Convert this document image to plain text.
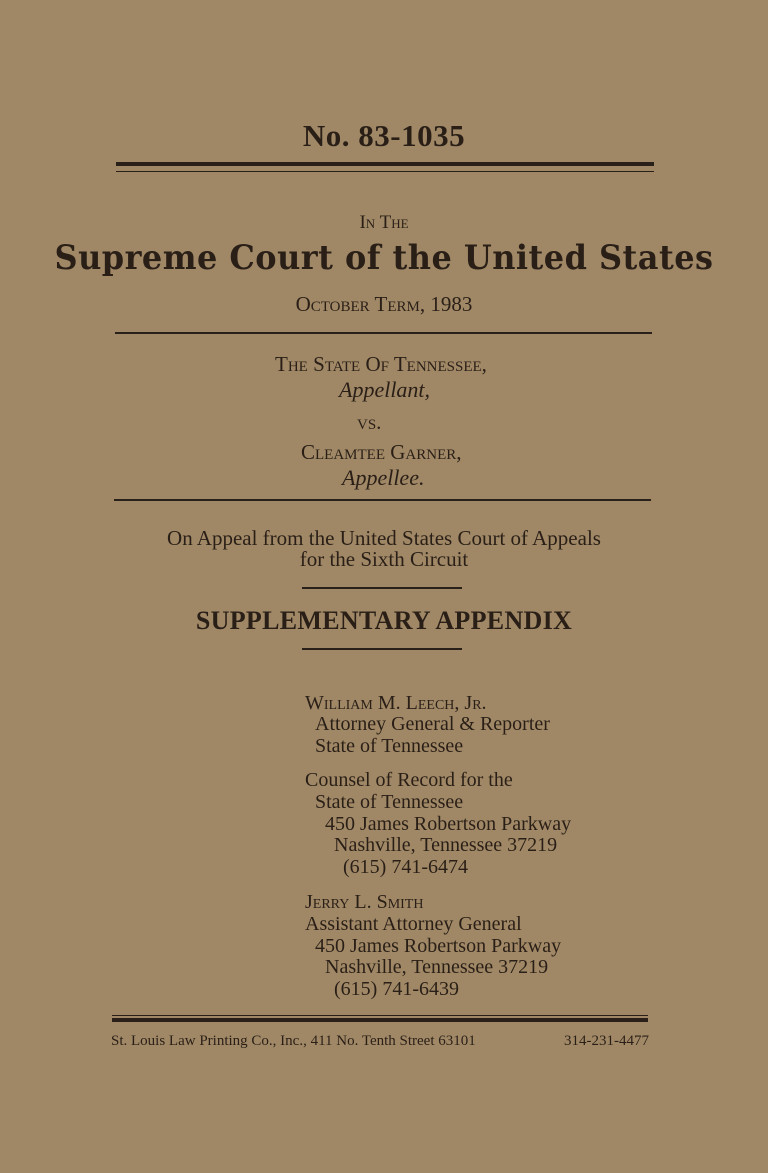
No. 83-1035
In The
Supreme Court of the United States
October Term, 1983
The State Of Tennessee,
Appellant,
vs.
Cleamtee Garner,
Appellee.
On Appeal from the United States Court of Appeals
for the Sixth Circuit
SUPPLEMENTARY APPENDIX
William M. Leech, Jr.
Attorney General & Reporter
State of Tennessee
Counsel of Record for the
State of Tennessee
450 James Robertson Parkway
Nashville, Tennessee 37219
(615) 741-6474
Jerry L. Smith
Assistant Attorney General
450 James Robertson Parkway
Nashville, Tennessee 37219
(615) 741-6439
St. Louis Law Printing Co., Inc., 411 No. Tenth Street 63101	314-231-4477
